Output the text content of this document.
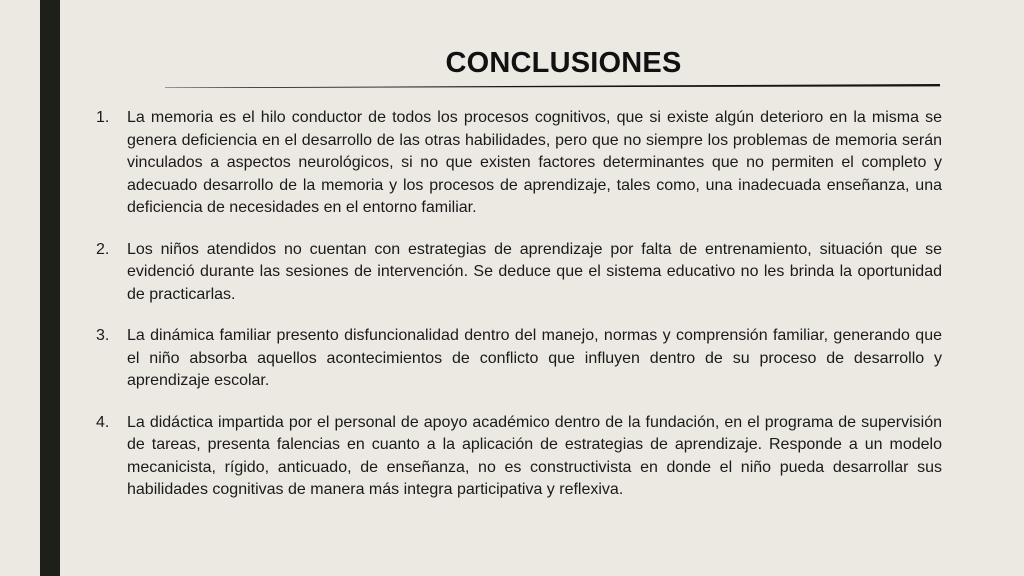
CONCLUSIONES
1.	La memoria es el hilo conductor de todos los procesos cognitivos, que si existe algún deterioro en la misma se genera deficiencia en el desarrollo de las otras habilidades, pero que no siempre los problemas de memoria serán vinculados a aspectos neurológicos, si no que existen factores determinantes que no permiten el completo y adecuado desarrollo de la memoria y los procesos de aprendizaje, tales como, una inadecuada enseñanza, una deficiencia de necesidades en el entorno familiar.
2.	Los niños atendidos no cuentan con estrategias de aprendizaje por falta de entrenamiento, situación que se evidenció durante las sesiones de intervención. Se deduce que el sistema educativo no les brinda la oportunidad de practicarlas.
3.	La dinámica familiar presento disfuncionalidad dentro del manejo, normas y comprensión familiar, generando que el niño absorba aquellos acontecimientos de conflicto que influyen dentro de su proceso de desarrollo y aprendizaje escolar.
4.	La didáctica impartida por el personal de apoyo académico dentro de la fundación, en el programa de supervisión de tareas, presenta falencias en cuanto a la aplicación de estrategias de aprendizaje. Responde a un modelo mecanicista, rígido, anticuado, de enseñanza, no es constructivista en donde el niño pueda desarrollar sus habilidades cognitivas de manera más integra participativa y reflexiva.
